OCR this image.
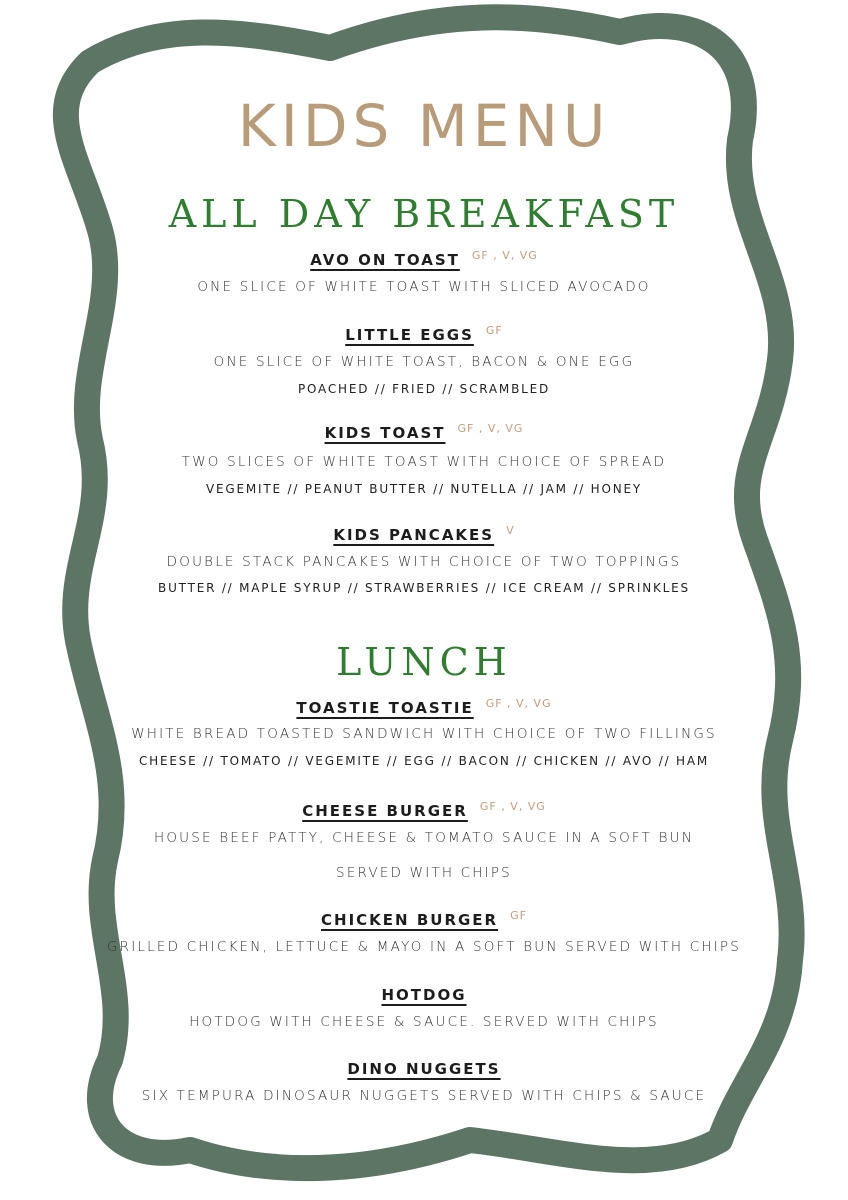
KIDS MENU
ALL DAY BREAKFAST
AVO ON TOAST $^{GF , V, VG}$
ONE SLICE OF WHITE TOAST WITH SLICED AVOCADO
LITTLE EGGS $^{GF}$
ONE SLICE OF WHITE TOAST, BACON & ONE EGG
POACHED // FRIED // SCRAMBLED
KIDS TOAST $^{GF , V, VG}$
TWO SLICES OF WHITE TOAST WITH CHOICE OF SPREAD
VEGEMITE // PEANUT BUTTER // NUTELLA // JAM // HONEY
KIDS PANCAKES $^V$
DOUBLE STACK PANCAKES WITH CHOICE OF TWO TOPPINGS
BUTTER // MAPLE SYRUP // STRAWBERRIES // ICE CREAM // SPRINKLES
LUNCH
TOASTIE TOASTIE $^{GF , V, VG}$
WHITE BREAD TOASTED SANDWICH WITH CHOICE OF TWO FILLINGS
CHEESE // TOMATO // VEGEMITE // EGG // BACON // CHICKEN // AVO // HAM
CHEESE BURGER $^{GF , V, VG}$
HOUSE BEEF PATTY, CHEESE & TOMATO SAUCE IN A SOFT BUN
SERVED WITH CHIPS
CHICKEN BURGER $^{GF}$
GRILLED CHICKEN, LETTUCE & MAYO IN A SOFT BUN SERVED WITH CHIPS
HOTDOG
HOTDOG WITH CHEESE & SAUCE. SERVED WITH CHIPS
DINO NUGGETS
SIX TEMPURA DINOSAUR NUGGETS SERVED WITH CHIPS & SAUCE
